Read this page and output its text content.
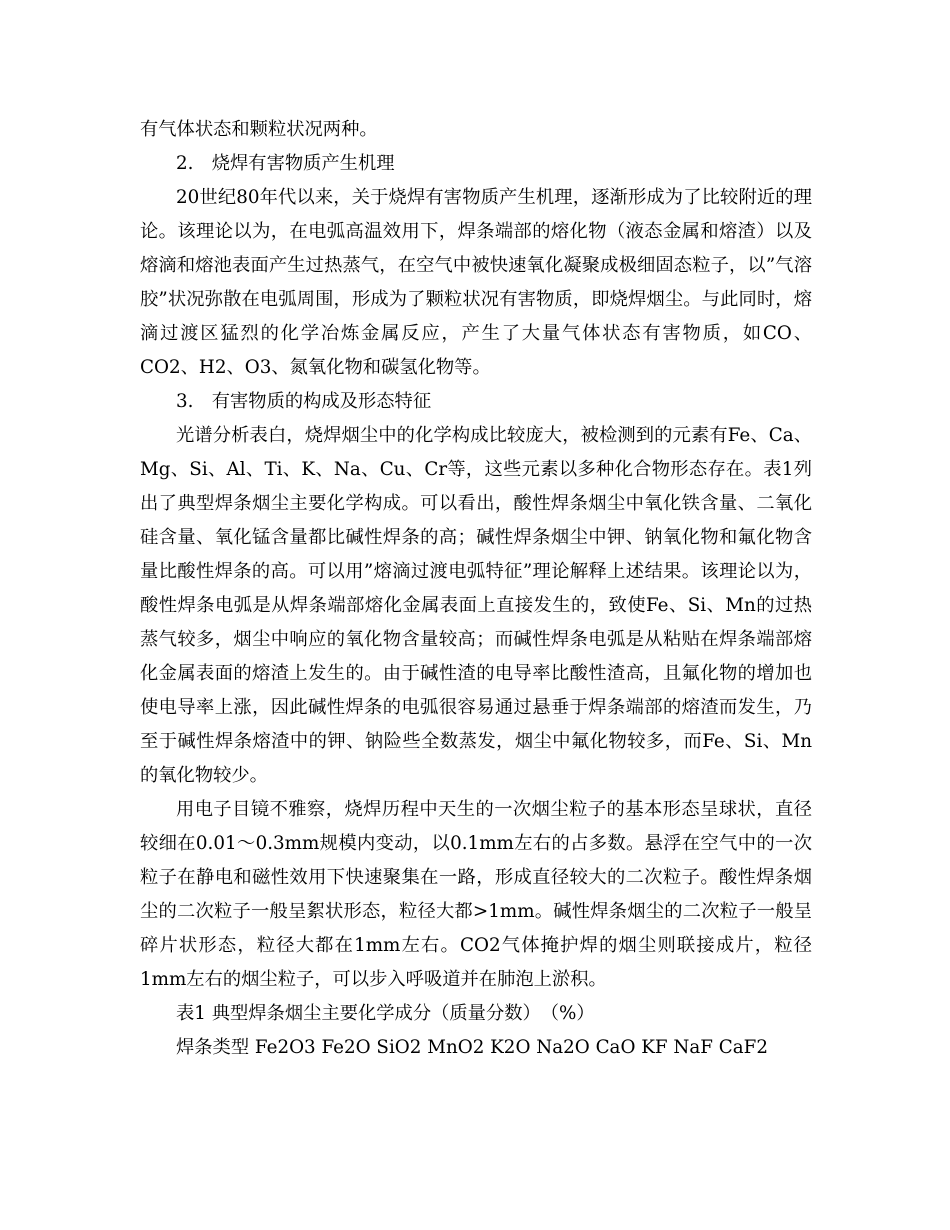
有气体状态和颗粒状况两种。

2.　烧焊有害物质产生机理

20世纪80年代以来，关于烧焊有害物质产生机理，逐渐形成为了比较附近的理论。该理论以为，在电弧高温效用下，焊条端部的熔化物（液态金属和熔渣）以及熔滴和熔池表面产生过热蒸气，在空气中被快速氧化凝聚成极细固态粒子，以”气溶胶”状况弥散在电弧周围，形成为了颗粒状况有害物质，即烧焊烟尘。与此同时，熔滴过渡区猛烈的化学冶炼金属反应，产生了大量气体状态有害物质，如CO、CO2、H2、O3、氮氧化物和碳氢化物等。

3.　有害物质的构成及形态特征

光谱分析表白，烧焊烟尘中的化学构成比较庞大，被检测到的元素有Fe、Ca、Mg、Si、Al、Ti、K、Na、Cu、Cr等，这些元素以多种化合物形态存在。表1列出了典型焊条烟尘主要化学构成。可以看出，酸性焊条烟尘中氧化铁含量、二氧化硅含量、氧化锰含量都比碱性焊条的高；碱性焊条烟尘中钾、钠氧化物和氟化物含量比酸性焊条的高。可以用”熔滴过渡电弧特征”理论解释上述结果。该理论以为，酸性焊条电弧是从焊条端部熔化金属表面上直接发生的，致使Fe、Si、Mn的过热蒸气较多，烟尘中响应的氧化物含量较高；而碱性焊条电弧是从粘贴在焊条端部熔化金属表面的熔渣上发生的。由于碱性渣的电导率比酸性渣高，且氟化物的增加也使电导率上涨，因此碱性焊条的电弧很容易通过悬垂于焊条端部的熔渣而发生，乃至于碱性焊条熔渣中的钾、钠险些全数蒸发，烟尘中氟化物较多，而Fe、Si、Mn的氧化物较少。

用电子目镜不雅察，烧焊历程中天生的一次烟尘粒子的基本形态呈球状，直径较细在0.01～0.3mm规模内变动，以0.1mm左右的占多数。悬浮在空气中的一次粒子在静电和磁性效用下快速聚集在一路，形成直径较大的二次粒子。酸性焊条烟尘的二次粒子一般呈絮状形态，粒径大都>1mm。碱性焊条烟尘的二次粒子一般呈碎片状形态，粒径大都在1mm左右。CO2气体掩护焊的烟尘则联接成片，粒径1mm左右的烟尘粒子，可以步入呼吸道并在肺泡上淤积。

表1 典型焊条烟尘主要化学成分（质量分数）　（%）

焊条类型 Fe2O3 Fe2O SiO2 MnO2 K2O Na2O CaO KF NaF CaF2
